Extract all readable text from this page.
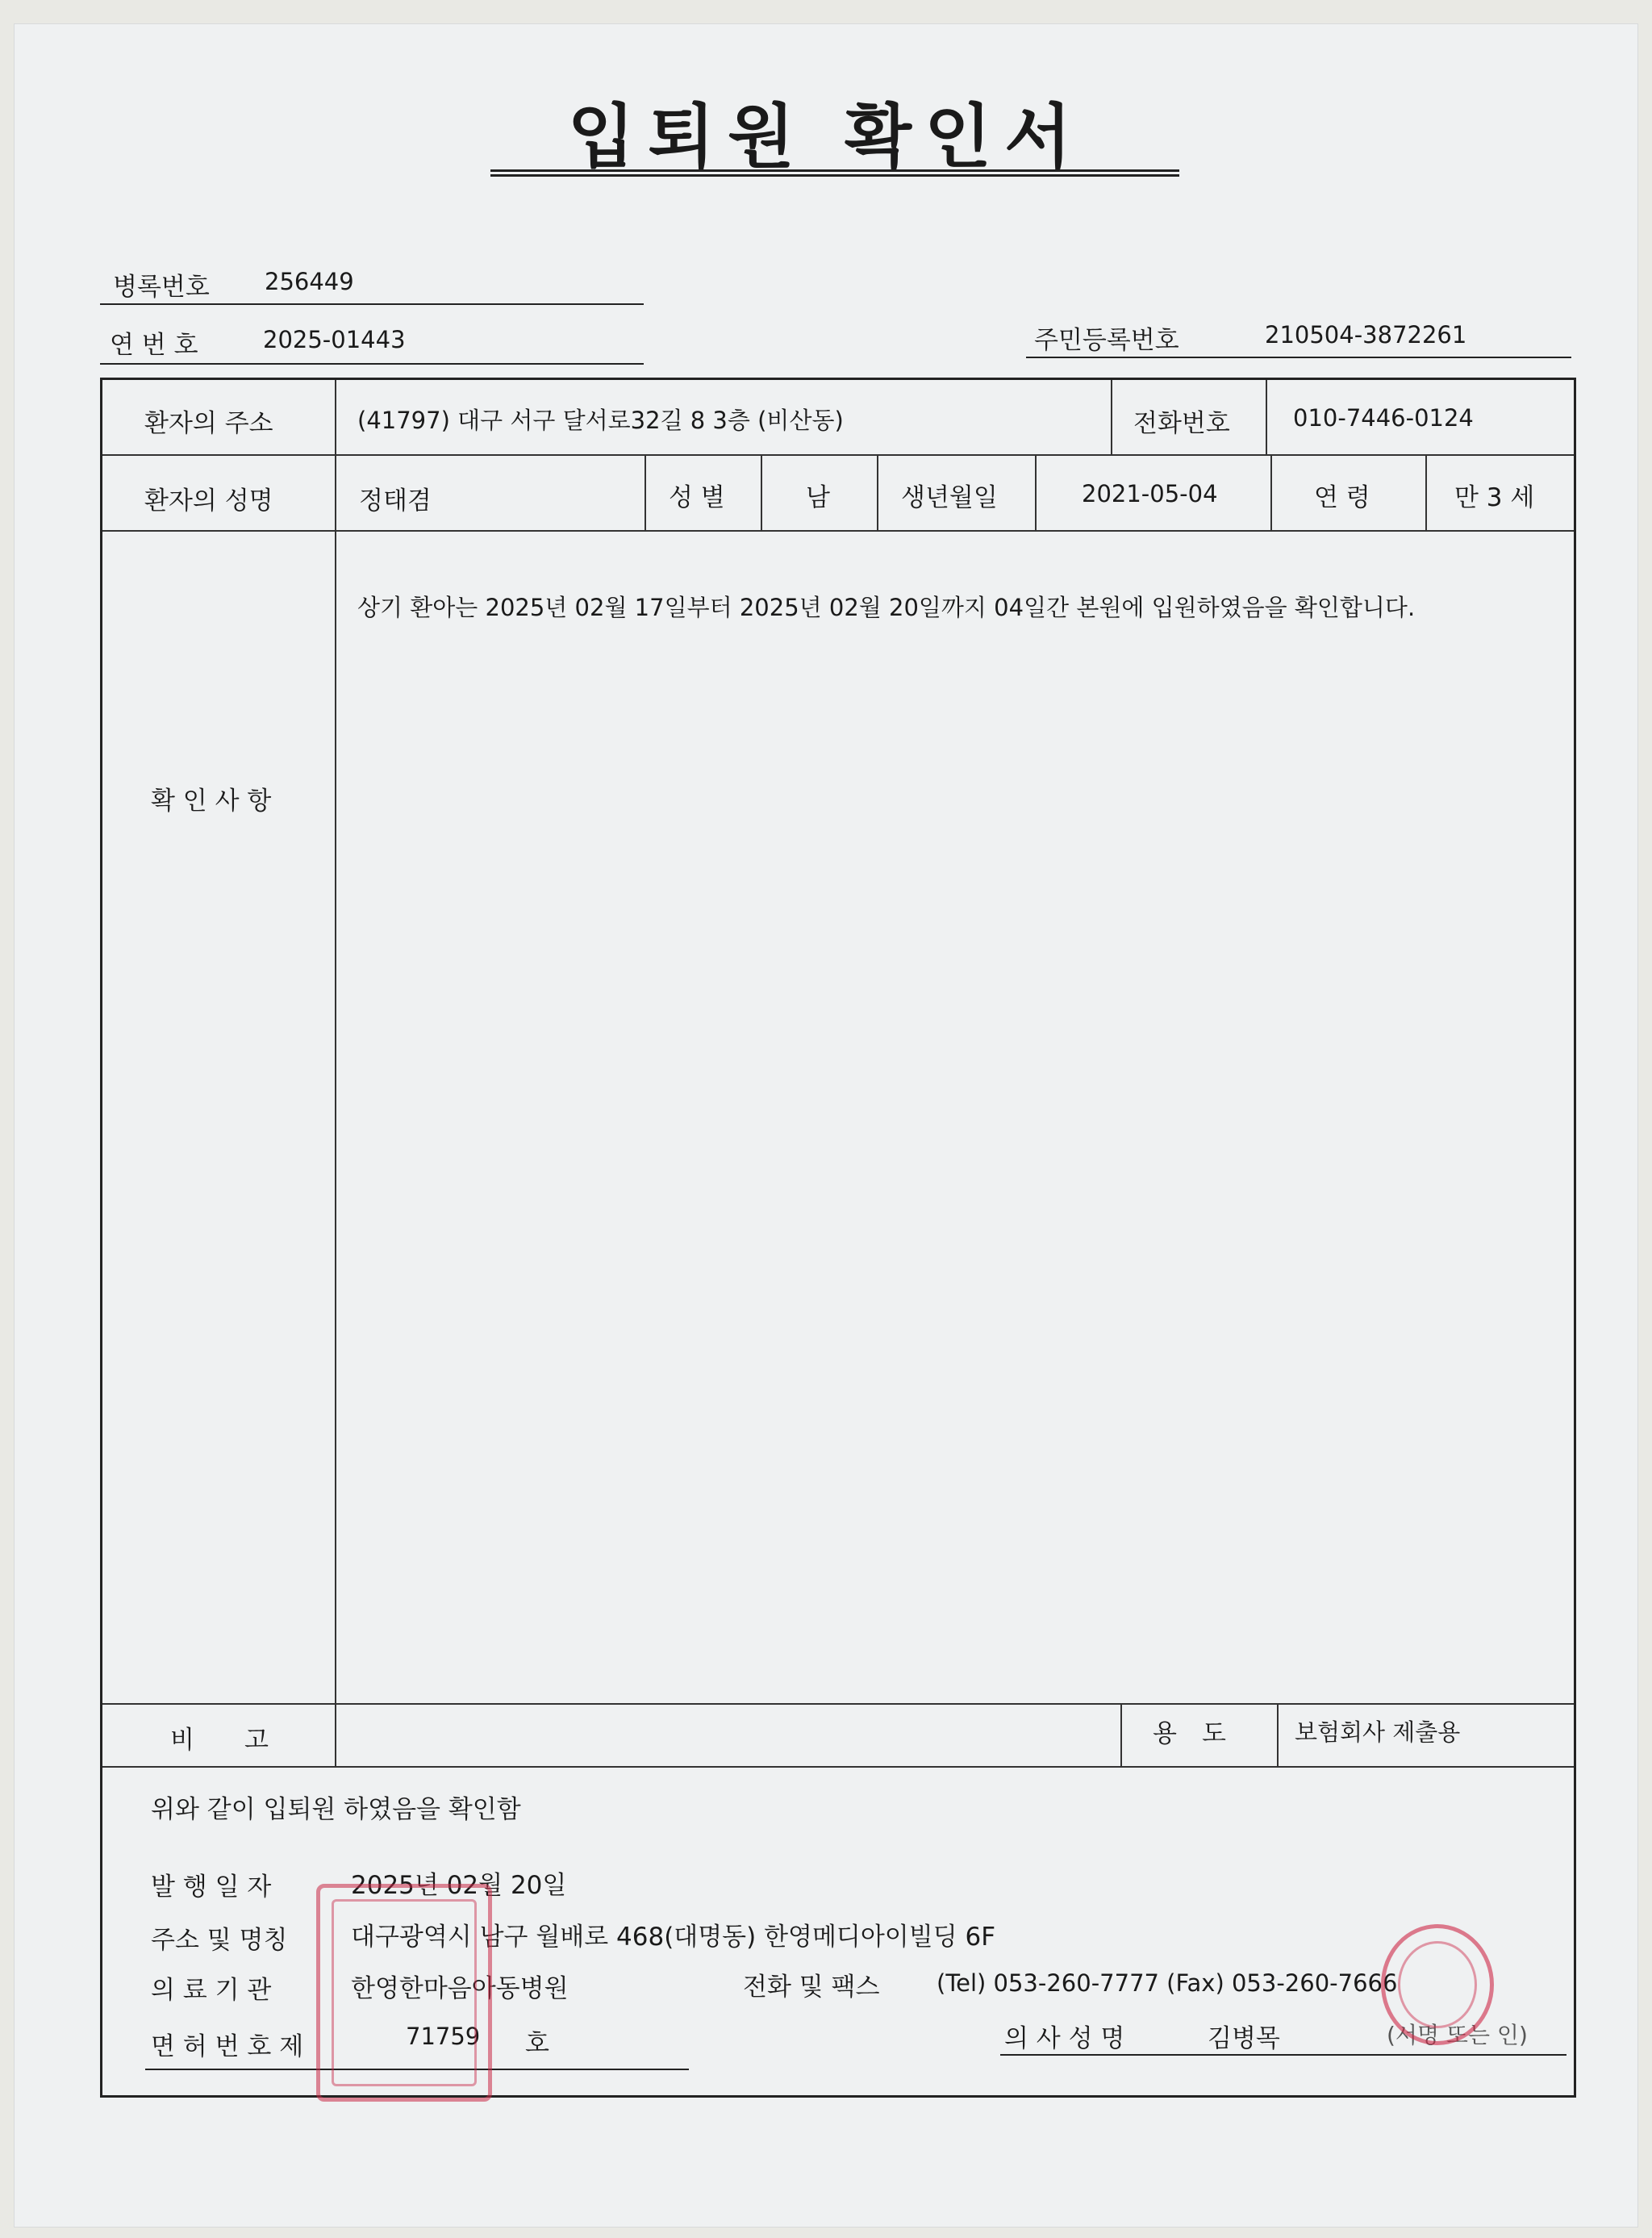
입퇴원 확인서
병록번호 256449
연 번 호	2025-01443	주민등록번호	210504-3872261
환자의 주소	(41797) 대구 서구 달서로32길 8 3층 (비산동)	전화번호	010-7446-0124
환자의 성명	정태겸	성 별	남	생년월일	2021-05-04	연 령	만 3 세
확 인 사 항
상기 환아는 2025년 02월 17일부터 2025년 02월 20일까지 04일간 본원에 입원하였음을 확인합니다.
비　　고	용　도	보험회사 제출용
위와 같이 입퇴원 하였음을 확인함
발 행 일 자	2025년 02월 20일
주소 및 명칭	대구광역시 남구 월배로 468(대명동) 한영메디아이빌딩 6F
의 료 기 관	한영한마음아동병원	전화 및 팩스 (Tel) 053-260-7777 (Fax) 053-260-7666
면 허 번 호 제	71759 호	의 사 성 명	김병목	(서명 또는 인)
